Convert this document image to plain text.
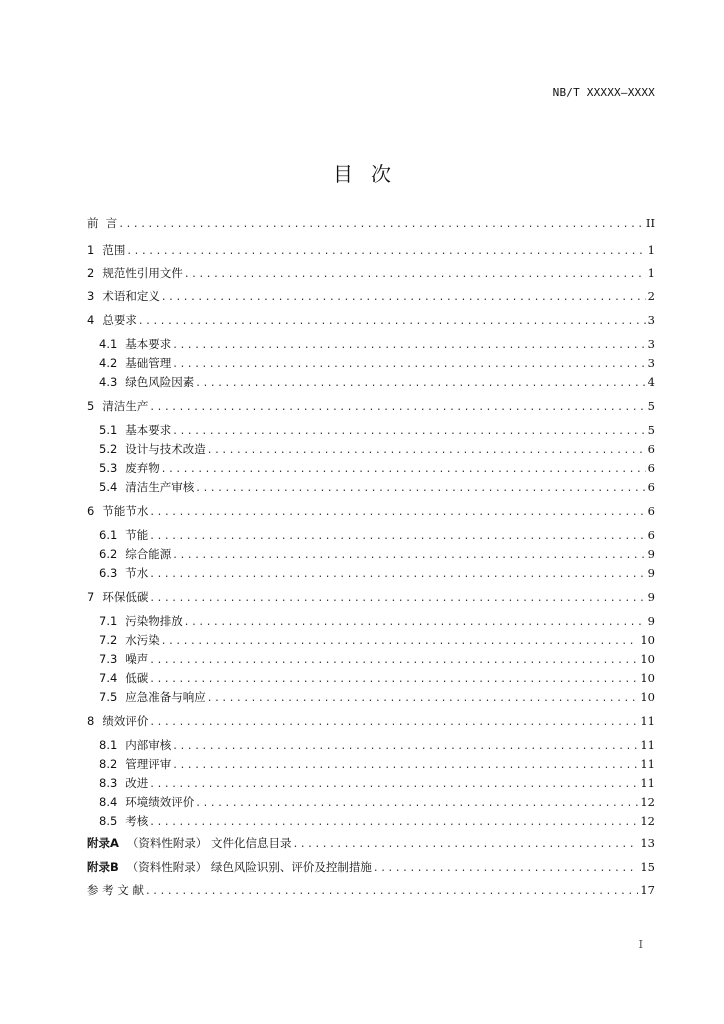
NB/T XXXXX—XXXX
目次
前  言 . . .	II
1 范围 . . .	1
2 规范性引用文件 . . .	1
3 术语和定义 . . .	2
4 总要求 . . .	3
4.1 基本要求 . . .	3
4.2 基础管理 . . .	3
4.3 绿色风险因素 . . .	4
5 清洁生产 . . .	5
5.1 基本要求 . . .	5
5.2 设计与技术改造 . . .	6
5.3 废弃物 . . .	6
5.4 清洁生产审核 . . .	6
6 节能节水 . . .	6
6.1 节能 . . .	6
6.2 综合能源 . . .	9
6.3 节水 . . .	9
7 环保低碳 . . .	9
7.1 污染物排放 . . .	9
7.2 水污染 . . .	10
7.3 噪声 . . .	10
7.4 低碳 . . .	10
7.5 应急准备与响应 . . .	10
8 绩效评价 . . .	11
8.1 内部审核 . . .	11
8.2 管理评审 . . .	11
8.3 改进 . . .	11
8.4 环境绩效评价 . . .	12
8.5 考核 . . .	12
附录A （资料性附录） 文件化信息目录 . . .	13
附录B （资料性附录） 绿色风险识别、评价及控制措施 . . .	15
参 考 文 献 . . .	17
I
